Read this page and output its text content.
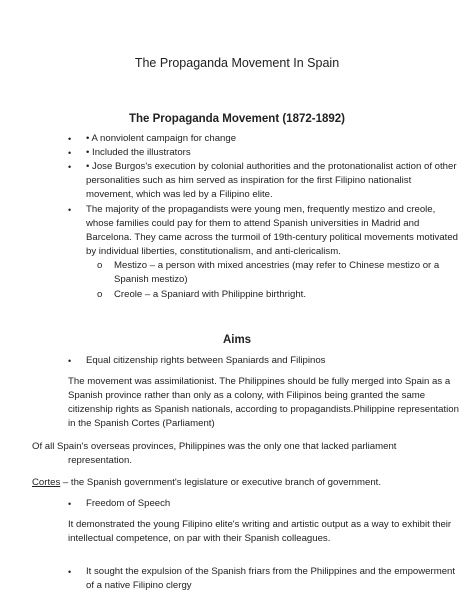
The Propaganda Movement In Spain
The Propaganda Movement (1872-1892)
• • A nonviolent campaign for change
• • Included the illustrators
• • Jose Burgos's execution by colonial authorities and the protonationalist action of other
personalities such as him served as inspiration for the first Filipino nationalist
movement, which was led by a Filipino elite.
• The majority of the propagandists were young men, frequently mestizo and creole,
whose families could pay for them to attend Spanish universities in Madrid and
Barcelona. They came across the turmoil of 19th-century political movements motivated
by individual liberties, constitutionalism, and anti-clericalism.
o Mestizo – a person with mixed ancestries (may refer to Chinese mestizo or a
Spanish mestizo)
o Creole – a Spaniard with Philippine birthright.
Aims
• Equal citizenship rights between Spaniards and Filipinos
The movement was assimilationist. The Philippines should be fully merged into Spain as a
Spanish province rather than only as a colony, with Filipinos being granted the same
citizenship rights as Spanish nationals, according to propagandists.Philippine representation
in the Spanish Cortes (Parliament)
Of all Spain's overseas provinces, Philippines was the only one that lacked parliament
representation.
Cortes – the Spanish government's legislature or executive branch of government.
• Freedom of Speech
It demonstrated the young Filipino elite's writing and artistic output as a way to exhibit their
intellectual competence, on par with their Spanish colleagues.
• It sought the expulsion of the Spanish friars from the Philippines and the empowerment
of a native Filipino clergy
